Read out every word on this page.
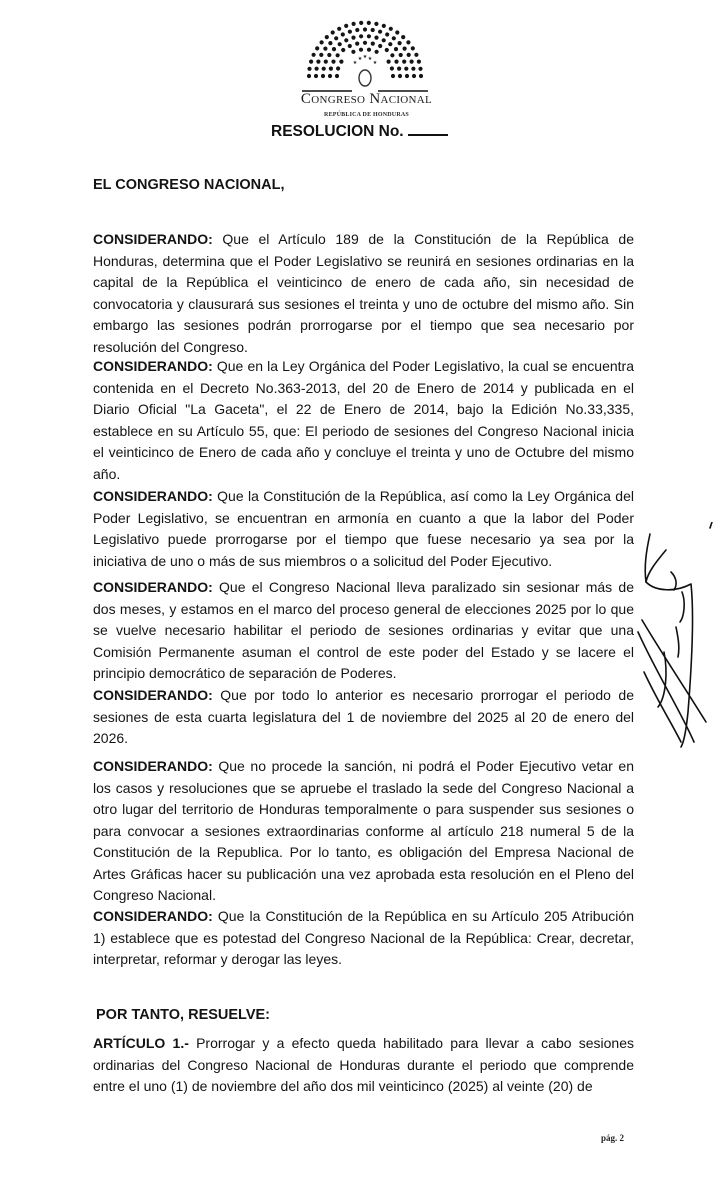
★
★ ★ ★
★
Congreso Nacional
REPÚBLICA DE HONDURAS
RESOLUCION No.
EL CONGRESO NACIONAL,
CONSIDERANDO: Que el Artículo 189 de la Constitución de la República de Honduras, determina que el Poder Legislativo se reunirá en sesiones ordinarias en la capital de la República el veinticinco de enero de cada año, sin necesidad de convocatoria y clausurará sus sesiones el treinta y uno de octubre del mismo año. Sin embargo las sesiones podrán prorrogarse por el tiempo que sea necesario por resolución del Congreso.
CONSIDERANDO: Que en la Ley Orgánica del Poder Legislativo, la cual se encuentra contenida en el Decreto No.363-2013, del 20 de Enero de 2014 y publicada en el Diario Oficial "La Gaceta", el 22 de Enero de 2014, bajo la Edición No.33,335, establece en su Artículo 55, que: El periodo de sesiones del Congreso Nacional inicia el veinticinco de Enero de cada año y concluye el treinta y uno de Octubre del mismo año.
CONSIDERANDO: Que la Constitución de la República, así como la Ley Orgánica del Poder Legislativo, se encuentran en armonía en cuanto a que la labor del Poder Legislativo puede prorrogarse por el tiempo que fuese necesario ya sea por la iniciativa de uno o más de sus miembros o a solicitud del Poder Ejecutivo.
CONSIDERANDO: Que el Congreso Nacional lleva paralizado sin sesionar más de dos meses, y estamos en el marco del proceso general de elecciones 2025 por lo que se vuelve necesario habilitar el periodo de sesiones ordinarias y evitar que una Comisión Permanente asuman el control de este poder del Estado y se lacere el principio democrático de separación de Poderes.
CONSIDERANDO: Que por todo lo anterior es necesario prorrogar el periodo de sesiones de esta cuarta legislatura del 1 de noviembre del 2025 al 20 de enero del 2026.
CONSIDERANDO: Que no procede la sanción, ni podrá el Poder Ejecutivo vetar en los casos y resoluciones que se apruebe el traslado la sede del Congreso Nacional a otro lugar del territorio de Honduras temporalmente o para suspender sus sesiones o para convocar a sesiones extraordinarias conforme al artículo 218 numeral 5 de la Constitución de la Republica. Por lo tanto, es obligación del Empresa Nacional de Artes Gráficas hacer su publicación una vez aprobada esta resolución en el Pleno del Congreso Nacional.
CONSIDERANDO: Que la Constitución de la República en su Artículo 205 Atribución 1) establece que es potestad del Congreso Nacional de la República: Crear, decretar, interpretar, reformar y derogar las leyes.
POR TANTO, RESUELVE:
ARTÍCULO 1.- Prorrogar y a efecto queda habilitado para llevar a cabo sesiones ordinarias del Congreso Nacional de Honduras durante el periodo que comprende entre el uno (1) de noviembre del año dos mil veinticinco (2025) al veinte (20) de
pág. 2
